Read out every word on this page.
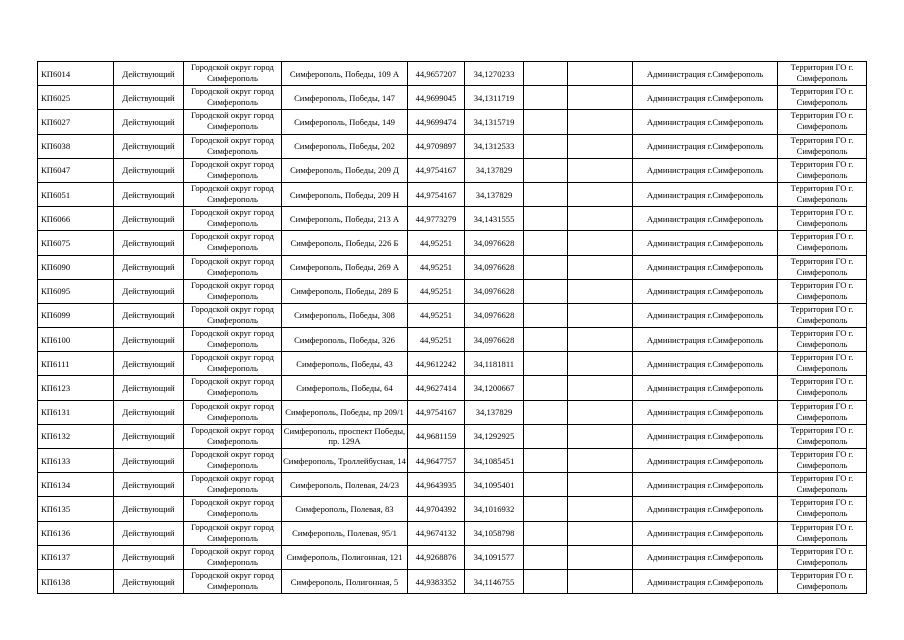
КП6014	Действующий	Городской округ город Симферополь	Симферополь, Победы, 109 А	44,9657207	34,1270233			Администрация г.Симферополь	Территория ГО г. Симферополь
КП6025	Действующий	Городской округ город Симферополь	Симферополь, Победы, 147	44,9699045	34,1311719			Администрация г.Симферополь	Территория ГО г. Симферополь
КП6027	Действующий	Городской округ город Симферополь	Симферополь, Победы, 149	44,9699474	34,1315719			Администрация г.Симферополь	Территория ГО г. Симферополь
КП6038	Действующий	Городской округ город Симферополь	Симферополь, Победы, 202	44,9709897	34,1312533			Администрация г.Симферополь	Территория ГО г. Симферополь
КП6047	Действующий	Городской округ город Симферополь	Симферополь, Победы, 209 Д	44,9754167	34,137829			Администрация г.Симферополь	Территория ГО г. Симферополь
КП6051	Действующий	Городской округ город Симферополь	Симферополь, Победы, 209 Н	44,9754167	34,137829			Администрация г.Симферополь	Территория ГО г. Симферополь
КП6066	Действующий	Городской округ город Симферополь	Симферополь, Победы, 213 А	44,9773279	34,1431555			Администрация г.Симферополь	Территория ГО г. Симферополь
КП6075	Действующий	Городской округ город Симферополь	Симферополь, Победы, 226 Б	44,95251	34,0976628			Администрация г.Симферополь	Территория ГО г. Симферополь
КП6090	Действующий	Городской округ город Симферополь	Симферополь, Победы, 269 А	44,95251	34,0976628			Администрация г.Симферополь	Территория ГО г. Симферополь
КП6095	Действующий	Городской округ город Симферополь	Симферополь, Победы, 289 Б	44,95251	34,0976628			Администрация г.Симферополь	Территория ГО г. Симферополь
КП6099	Действующий	Городской округ город Симферополь	Симферополь, Победы, 308	44,95251	34,0976628			Администрация г.Симферополь	Территория ГО г. Симферополь
КП6100	Действующий	Городской округ город Симферополь	Симферополь, Победы, 326	44,95251	34,0976628			Администрация г.Симферополь	Территория ГО г. Симферополь
КП6111	Действующий	Городской округ город Симферополь	Симферополь, Победы, 43	44,9612242	34,1181811			Администрация г.Симферополь	Территория ГО г. Симферополь
КП6123	Действующий	Городской округ город Симферополь	Симферополь, Победы, 64	44,9627414	34,1200667			Администрация г.Симферополь	Территория ГО г. Симферополь
КП6131	Действующий	Городской округ город Симферополь	Симферополь, Победы, пр 209/1	44,9754167	34,137829			Администрация г.Симферополь	Территория ГО г. Симферополь
КП6132	Действующий	Городской округ город Симферополь	Симферополь, проспект Победы, пр. 129А	44,9681159	34,1292925			Администрация г.Симферополь	Территория ГО г. Симферополь
КП6133	Действующий	Городской округ город Симферополь	Симферополь, Троллейбусная, 14	44,9647757	34,1085451			Администрация г.Симферополь	Территория ГО г. Симферополь
КП6134	Действующий	Городской округ город Симферополь	Симферополь, Полевая, 24/23	44,9643935	34,1095401			Администрация г.Симферополь	Территория ГО г. Симферополь
КП6135	Действующий	Городской округ город Симферополь	Симферополь, Полевая, 83	44,9704392	34,1016932			Администрация г.Симферополь	Территория ГО г. Симферополь
КП6136	Действующий	Городской округ город Симферополь	Симферополь, Полевая, 95/1	44,9674132	34,1058798			Администрация г.Симферополь	Территория ГО г. Симферополь
КП6137	Действующий	Городской округ город Симферополь	Симферополь, Полигонная, 121	44,9268876	34,1091577			Администрация г.Симферополь	Территория ГО г. Симферополь
КП6138	Действующий	Городской округ город Симферополь	Симферополь, Полигонная, 5	44,9383352	34,1146755			Администрация г.Симферополь	Территория ГО г. Симферополь
